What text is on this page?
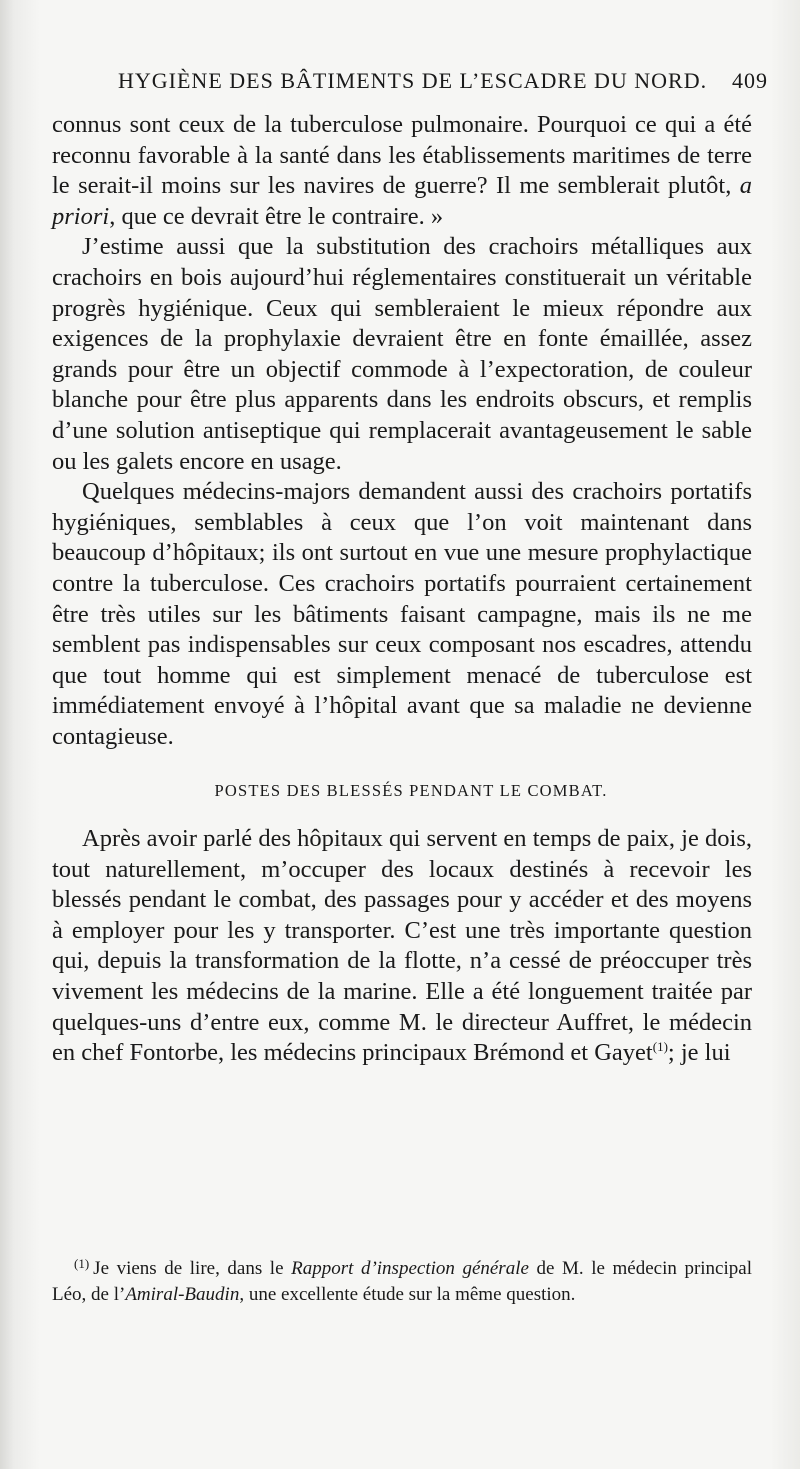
HYGIÈNE DES BÂTIMENTS DE L’ESCADRE DU NORD. 409

connus sont ceux de la tuberculose pulmonaire. Pourquoi ce qui a été reconnu favorable à la santé dans les établissements maritimes de terre le serait-il moins sur les navires de guerre? Il me semblerait plutôt, a priori, que ce devrait être le contraire. »

J’estime aussi que la substitution des crachoirs métalliques aux crachoirs en bois aujourd’hui réglementaires constituerait un véritable progrès hygiénique. Ceux qui sembleraient le mieux répondre aux exigences de la prophylaxie devraient être en fonte émaillée, assez grands pour être un objectif commode à l’expectoration, de couleur blanche pour être plus apparents dans les endroits obscurs, et remplis d’une solution antiseptique qui remplacerait avantageusement le sable ou les galets encore en usage.

Quelques médecins-majors demandent aussi des crachoirs portatifs hygiéniques, semblables à ceux que l’on voit maintenant dans beaucoup d’hôpitaux; ils ont surtout en vue une mesure prophylactique contre la tuberculose. Ces crachoirs portatifs pourraient certainement être très utiles sur les bâtiments faisant campagne, mais ils ne me semblent pas indispensables sur ceux composant nos escadres, attendu que tout homme qui est simplement menacé de tuberculose est immédiatement envoyé à l’hôpital avant que sa maladie ne devienne contagieuse.

POSTES DES BLESSÉS PENDANT LE COMBAT.

Après avoir parlé des hôpitaux qui servent en temps de paix, je dois, tout naturellement, m’occuper des locaux destinés à recevoir les blessés pendant le combat, des passages pour y accéder et des moyens à employer pour les y transporter. C’est une très importante question qui, depuis la transformation de la flotte, n’a cessé de préoccuper très vivement les médecins de la marine. Elle a été longuement traitée par quelques-uns d’entre eux, comme M. le directeur Auffret, le médecin en chef Fontorbe, les médecins principaux Brémond et Gayet$^{(1)}$; je lui

$^{(1)}$ Je viens de lire, dans le Rapport d’inspection générale de M. le médecin principal Léo, de l’Amiral-Baudin, une excellente étude sur la même question.
